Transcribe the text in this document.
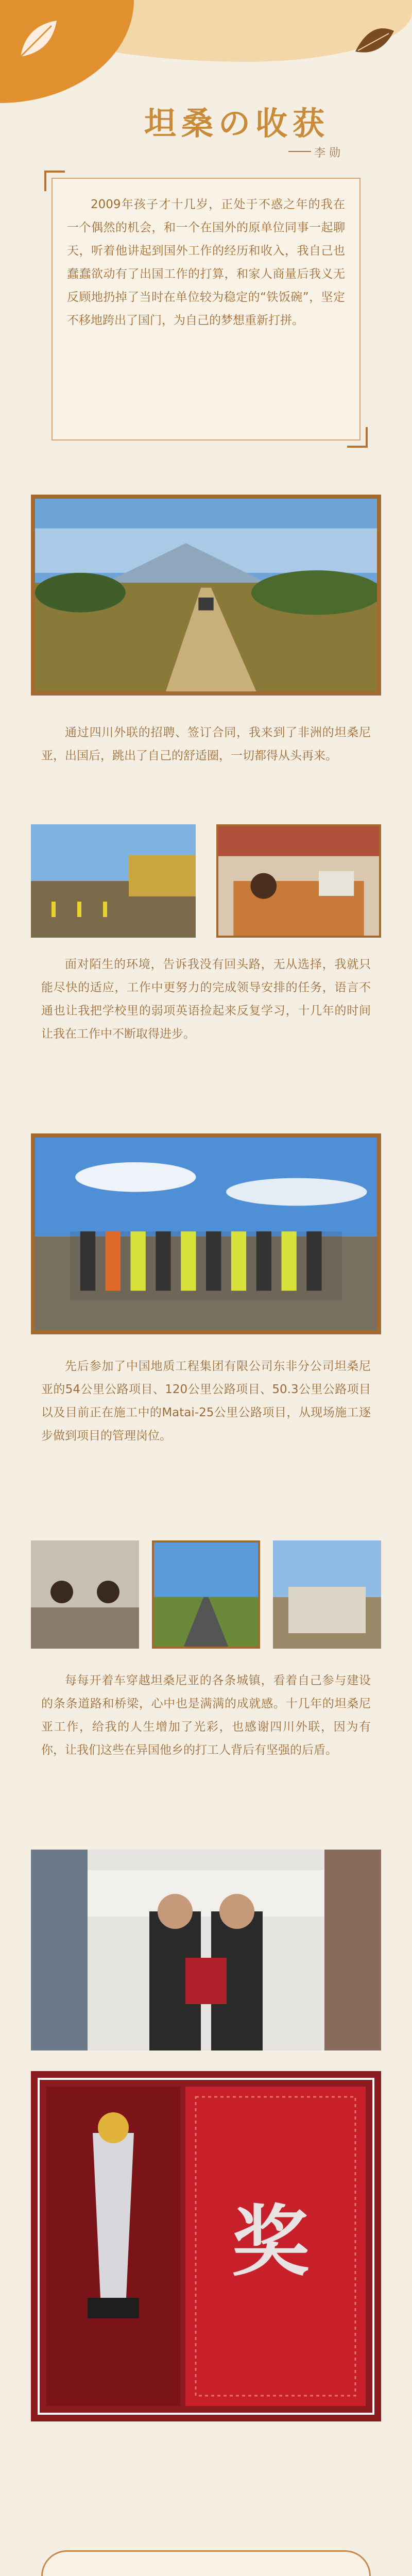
坦桑の收获
李 勋
2009年孩子才十几岁，正处于不惑之年的我在一个偶然的机会，和一个在国外的原单位同事一起聊天，听着他讲起到国外工作的经历和收入，我自己也蠢蠢欲动有了出国工作的打算，和家人商量后我义无反顾地扔掉了当时在单位较为稳定的“铁饭碗”，坚定不移地跨出了国门，为自己的梦想重新打拼。
通过四川外联的招聘、签订合同，我来到了非洲的坦桑尼亚，出国后，跳出了自己的舒适圈，一切都得从头再来。
面对陌生的环境，告诉我没有回头路，无从选择，我就只能尽快的适应，工作中更努力的完成领导安排的任务，语言不通也让我把学校里的弱项英语捡起来反复学习，十几年的时间让我在工作中不断取得进步。
先后参加了中国地质工程集团有限公司东非分公司坦桑尼亚的54公里公路项目、120公里公路项目、50.3公里公路项目以及目前正在施工中的Matai-25公里公路项目，从现场施工逐步做到项目的管理岗位。
每每开着车穿越坦桑尼亚的各条城镇，看着自己参与建设的条条道路和桥梁，心中也是满满的成就感。十几年的坦桑尼亚工作，给我的人生增加了光彩，也感谢四川外联，因为有你，让我们这些在异国他乡的打工人背后有坚强的后盾。
奖
